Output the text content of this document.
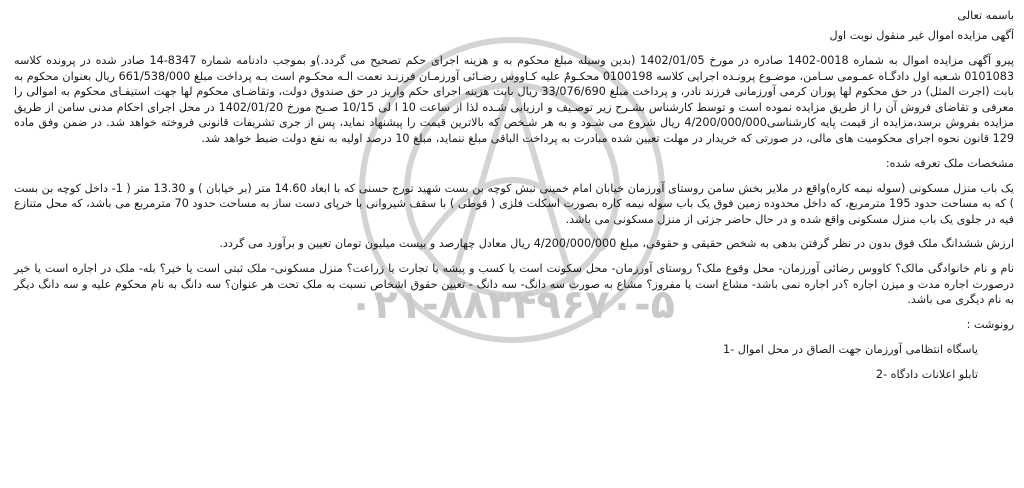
۰۲۱-۸۸۳۴۹۶۷۰-۵
باسمه تعالی
آگهی مزایده اموال غیر منقول نوبت اول
پیرو آگهی مزایده اموال به شماره 0018-1402 صادره در مورخ 1402/01/05 (بدین وسیله مبلغ محکوم به و هزینه اجرای حکم تصحیح می گردد.)و بموجب دادنامه شماره 8347-14 صادر شده در پرونده کلاسه 0101083 شـعبه اول دادگـاه عمـومی سـامن، موضـوع پرونـده اجرایی کلاسه 0100198 محکـومٌ علیه کـاووس رضـائی آورزمـان فرزنـد نعمت الـه محکـوم است بـه پرداخت مبلغ 661/538/000 ریال بعنوان محکوم به بابت (اجرت المثل) در حق محکوم لها پوران کرمی آورزمانی فرزند نادر، و پرداخت مبلغ 33/076/690 ریال بابت هزینه اجرای حکم واریز در حق صندوق دولت، وتقاضـای محکوم لها جهت استیفـای محکوم به اموالی را معرفی و تقاضای فروش آن را از طریق مزایده نموده است و توسط کارشناس بشـرح زیر توصـیف و ارزیابی شـده لذا از ساعت 10 ا لی 10/15 صـبح مورخ 1402/01/20 در محل اجرای احکام مدنی سامن از طریق مزایده بفروش برسد،مزایده از قیمت پایه کارشناسی4/200/000/000 ریال شروع می شـود و به هر شـخص که بالاترین قیمت را پیشنهاد نماید، پس از جری تشریفات قانونی فروخته خواهد شد. در ضمن وفق ماده 129 قانون نحوه اجرای محکومیت های مالی، در صورتی که خریدار در مهلت تعیین شده مبادرت به پرداخت الباقی مبلغ ننماید، مبلغ 10 درصد اولیه به نفع دولت ضبط خواهد شد.
مشخصات ملک تعرفه شده:
یک باب منزل مسکونی (سوله نیمه کاره)واقع در ملایر بخش سامن روستای آورزمان خیابان امام خمینی نبش کوچه بن بست شهید تورج حسنی که با ابعاد 14.60 متر (بر خیابان ) و 13.30 متر ( 1- داخل کوچه بن بست ) که به مساحت حدود 195 مترمربع، که داخل محدوده زمین فوق یک باب سوله نیمه کاره بصورت اسکلت فلزی ( قوطی ) با سقف شیروانی با خرپای دست ساز به مساحت حدود 70 مترمربع می باشد، که محل متنازع فیه در جلوی یک باب منزل مسکونی واقع شده و در حال حاضر جزئی از منزل مسکونی می باشد.
ارزش ششدانگ ملک فوق بدون در نظر گرفتن بدهی به شخص حقیقی و حقوقی، مبلغ 4/200/000/000 ریال معادل چهارصد و بیست میلیون تومان تعیین و برآورد می گردد.
نام و نام خانوادگی مالک؟ کاووس رضائی آورزمان- محل وقوع ملک؟ روستای آورزمان- محل سکونت است یا کسب و پیشه یا تجارت یا زراعت؟ منزل مسکونی- ملک ثبتی است یا خیر؟ بله- ملک در اجاره است یا خیر درصورت اجاره مدت و میزن اجاره ؟در اجاره نمی باشد- مشاع است یا مفروز؟ مشاع به صورت سه دانگ- سه دانگ - تعیین حقوق اشخاص نسبت به ملک تحت هر عنوان؟ سه دانگ به نام محکوم علیه و سه دانگ دیگر به نام دیگری می باشد.
رونوشت :
یاسگاه انتظامی آورزمان جهت الصاق در محل اموال -1
تابلو اعلانات دادگاه -2
